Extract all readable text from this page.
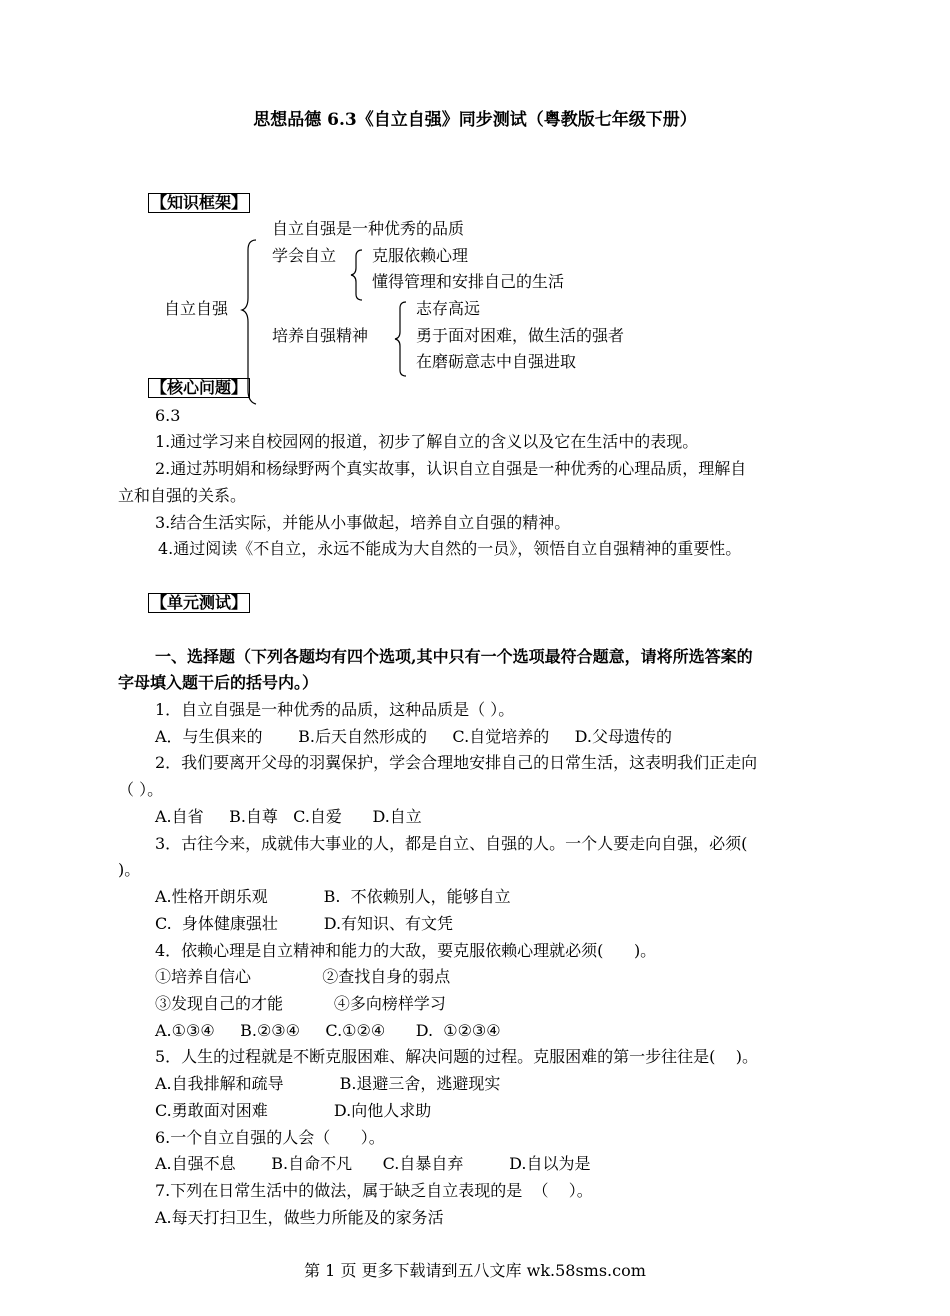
思想品德 6.3《自立自强》同步测试（粤教版七年级下册）
【知识框架】
自立自强是一种优秀的品质
学会自立 克服依赖心理
懂得管理和安排自己的生活
自立自强	志存高远
培养自强精神	勇于面对困难，做生活的强者
在磨砺意志中自强进取
【核心问题】
6.3
1.通过学习来自校园网的报道，初步了解自立的含义以及它在生活中的表现。
2.通过苏明娟和杨绿野两个真实故事，认识自立自强是一种优秀的心理品质，理解自
立和自强的关系。
3.结合生活实际，并能从小事做起，培养自立自强的精神。
4.通过阅读《不自立，永远不能成为大自然的一员》，领悟自立自强精神的重要性。
【单元测试】
一、选择题（下列各题均有四个选项,其中只有一个选项最符合题意，请将所选答案的
字母填入题干后的括号内。）
1．自立自强是一种优秀的品质，这种品质是（ ）。
A．与生俱来的       B.后天自然形成的     C.自觉培养的     D.父母遗传的
2．我们要离开父母的羽翼保护，学会合理地安排自己的日常生活，这表明我们正走向
（ ）。
A.自省     B.自尊   C.自爱      D.自立
3．古往今来，成就伟大事业的人，都是自立、自强的人。一个人要走向自强，必须(
)。
A.性格开朗乐观           B.  不依赖别人，能够自立
C.  身体健康强壮         D.有知识、有文凭
4．依赖心理是自立精神和能力的大敌，要克服依赖心理就必须(      )。
①培养自信心              ②查找自身的弱点
③发现自己的才能          ④多向榜样学习
A.①③④     B.②③④     C.①②④      D.  ①②③④
5．人生的过程就是不断克服困难、解决问题的过程。克服困难的第一步往往是(    )。
A.自我排解和疏导           B.退避三舍，逃避现实
C.勇敢面对困难             D.向他人求助
6.一个自立自强的人会（      ）。
A.自强不息       B.自命不凡      C.自暴自弃         D.自以为是
7.下列在日常生活中的做法，属于缺乏自立表现的是  （    ）。
A.每天打扫卫生，做些力所能及的家务活
第 1 页 更多下载请到五八文库 wk.58sms.com
